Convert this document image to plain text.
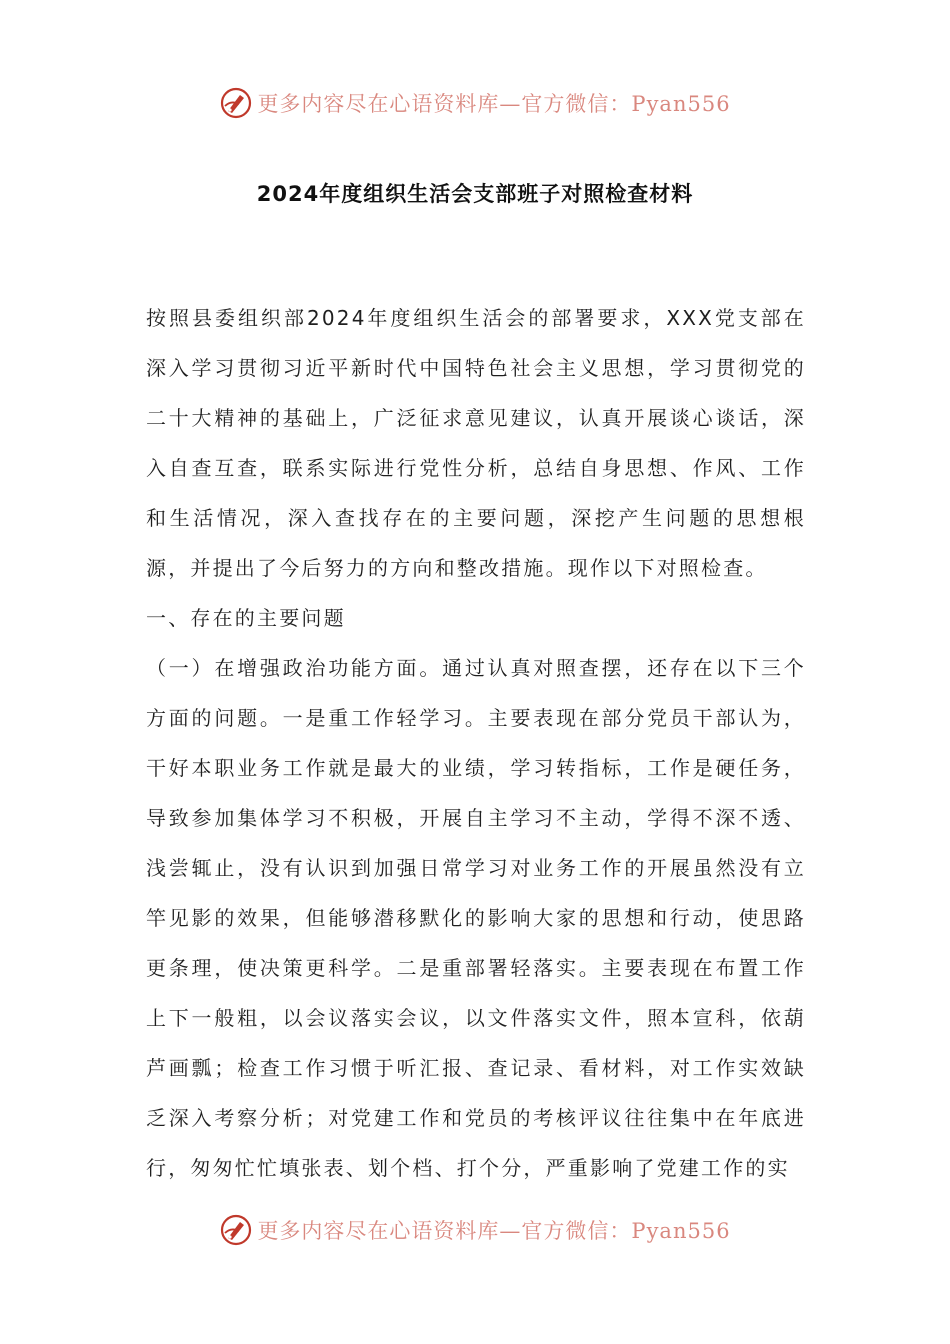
更多内容尽在心语资料库—官方微信：Pyan556
2024年度组织生活会支部班子对照检查材料

按照县委组织部2024年度组织生活会的部署要求，XXX党支部在深入学习贯彻习近平新时代中国特色社会主义思想，学习贯彻党的二十大精神的基础上，广泛征求意见建议，认真开展谈心谈话，深入自查互查，联系实际进行党性分析，总结自身思想、作风、工作和生活情况，深入查找存在的主要问题，深挖产生问题的思想根源，并提出了今后努力的方向和整改措施。现作以下对照检查。

一、存在的主要问题

（一）在增强政治功能方面。通过认真对照查摆，还存在以下三个方面的问题。一是重工作轻学习。主要表现在部分党员干部认为，干好本职业务工作就是最大的业绩，学习转指标，工作是硬任务，导致参加集体学习不积极，开展自主学习不主动，学得不深不透、浅尝辄止，没有认识到加强日常学习对业务工作的开展虽然没有立竿见影的效果，但能够潜移默化的影响大家的思想和行动，使思路更条理，使决策更科学。二是重部署轻落实。主要表现在布置工作上下一般粗，以会议落实会议，以文件落实文件，照本宣科，依葫芦画瓢；检查工作习惯于听汇报、查记录、看材料，对工作实效缺乏深入考察分析；对党建工作和党员的考核评议往往集中在年底进行，匆匆忙忙填张表、划个档、打个分，严重影响了党建工作的实

更多内容尽在心语资料库—官方微信：Pyan556
